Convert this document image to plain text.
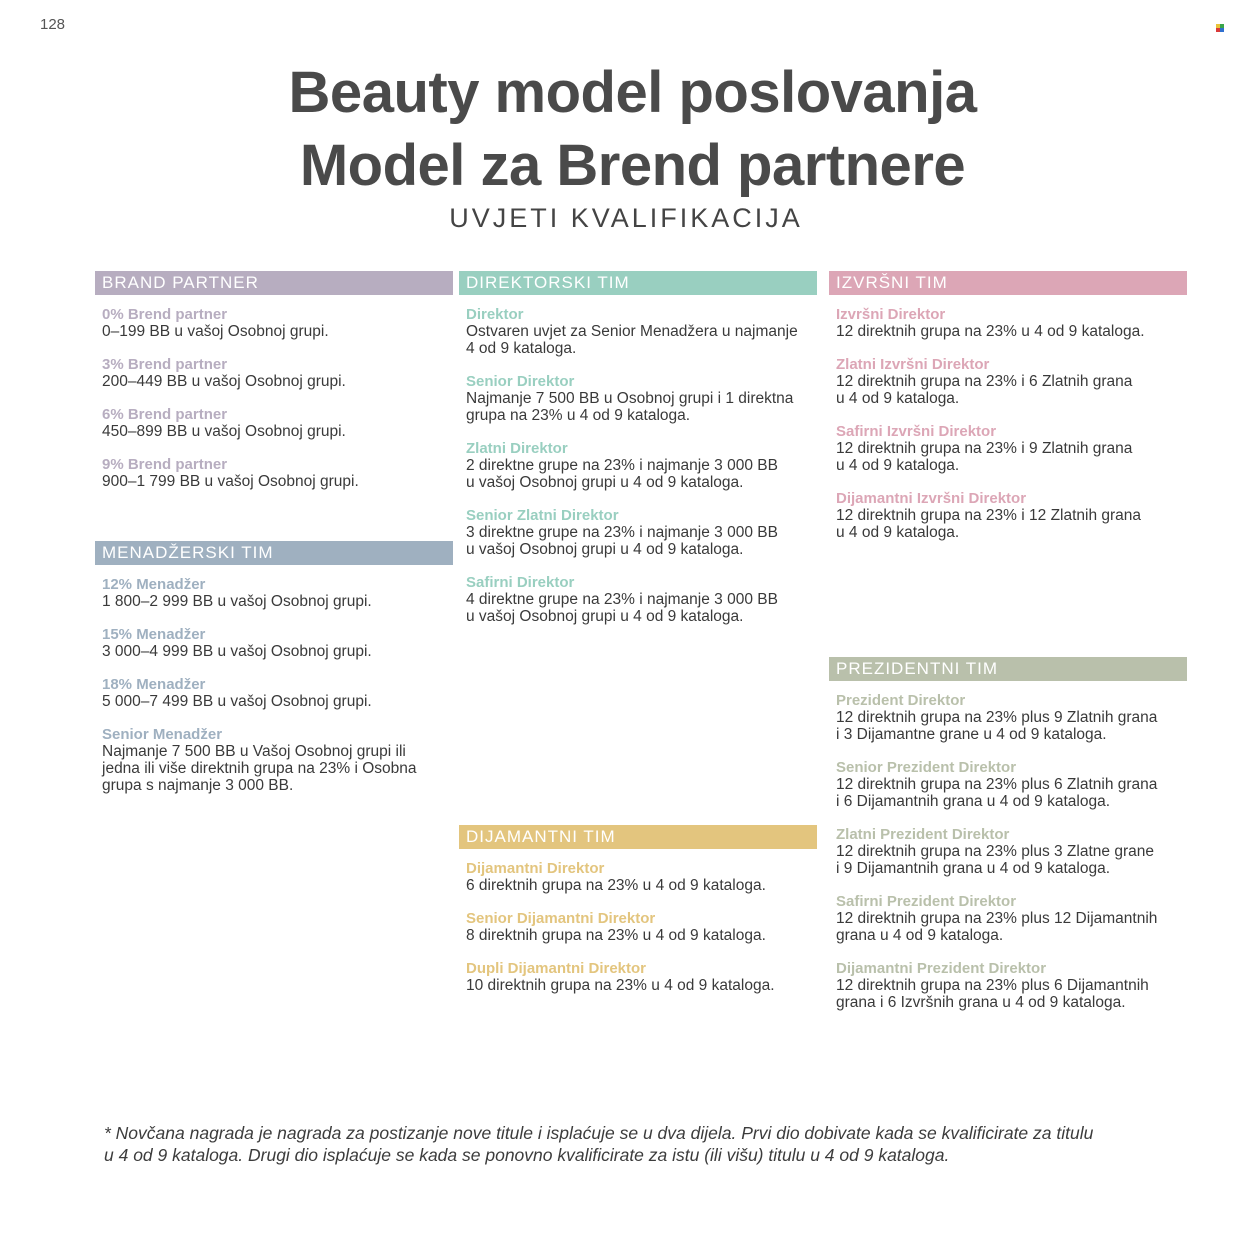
128
Beauty model poslovanja
Model za Brend partnere
UVJETI KVALIFIKACIJA
BRAND PARTNER
0% Brend partner
0–199 BB u vašoj Osobnoj grupi.
3% Brend partner
200–449 BB u vašoj Osobnoj grupi.
6% Brend partner
450–899 BB u vašoj Osobnoj grupi.
9% Brend partner
900–1 799 BB u vašoj Osobnoj grupi.
MENADŽERSKI TIM
12% Menadžer
1 800–2 999 BB u vašoj Osobnoj grupi.
15% Menadžer
3 000–4 999 BB u vašoj Osobnoj grupi.
18% Menadžer
5 000–7 499 BB u vašoj Osobnoj grupi.
Senior Menadžer
Najmanje 7 500 BB u Vašoj Osobnoj grupi ili
jedna ili više direktnih grupa na 23% i Osobna
grupa s najmanje 3 000 BB.
DIREKTORSKI TIM
Direktor
Ostvaren uvjet za Senior Menadžera u najmanje
4 od 9 kataloga.
Senior Direktor
Najmanje 7 500 BB u Osobnoj grupi i 1 direktna
grupa na 23% u 4 od 9 kataloga.
Zlatni Direktor
2 direktne grupe na 23% i najmanje 3 000 BB
u vašoj Osobnoj grupi u 4 od 9 kataloga.
Senior Zlatni Direktor
3 direktne grupe na 23% i najmanje 3 000 BB
u vašoj Osobnoj grupi u 4 od 9 kataloga.
Safirni Direktor
4 direktne grupe na 23% i najmanje 3 000 BB
u vašoj Osobnoj grupi u 4 od 9 kataloga.
DIJAMANTNI TIM
Dijamantni Direktor
6 direktnih grupa na 23% u 4 od 9 kataloga.
Senior Dijamantni Direktor
8 direktnih grupa na 23% u 4 od 9 kataloga.
Dupli Dijamantni Direktor
10 direktnih grupa na 23% u 4 od 9 kataloga.
IZVRŠNI TIM
Izvršni Direktor
12 direktnih grupa na 23% u 4 od 9 kataloga.
Zlatni Izvršni Direktor
12 direktnih grupa na 23% i 6 Zlatnih grana
u 4 od 9 kataloga.
Safirni Izvršni Direktor
12 direktnih grupa na 23% i 9 Zlatnih grana
u 4 od 9 kataloga.
Dijamantni Izvršni Direktor
12 direktnih grupa na 23% i 12 Zlatnih grana
u 4 od 9 kataloga.
PREZIDENTNI TIM
Prezident Direktor
12 direktnih grupa na 23% plus 9 Zlatnih grana
i 3 Dijamantne grane u 4 od 9 kataloga.
Senior Prezident Direktor
12 direktnih grupa na 23% plus 6 Zlatnih grana
i 6 Dijamantnih grana u 4 od 9 kataloga.
Zlatni Prezident Direktor
12 direktnih grupa na 23% plus 3 Zlatne grane
i 9 Dijamantnih grana u 4 od 9 kataloga.
Safirni Prezident Direktor
12 direktnih grupa na 23% plus 12 Dijamantnih
grana u 4 od 9 kataloga.
Dijamantni Prezident Direktor
12 direktnih grupa na 23% plus 6 Dijamantnih
grana i 6 Izvršnih grana u 4 od 9 kataloga.
* Novčana nagrada je nagrada za postizanje nove titule i isplaćuje se u dva dijela. Prvi dio dobivate kada se kvalificirate za titulu
u 4 od 9 kataloga. Drugi dio isplaćuje se kada se ponovno kvalificirate za istu (ili višu) titulu u 4 od 9 kataloga.
